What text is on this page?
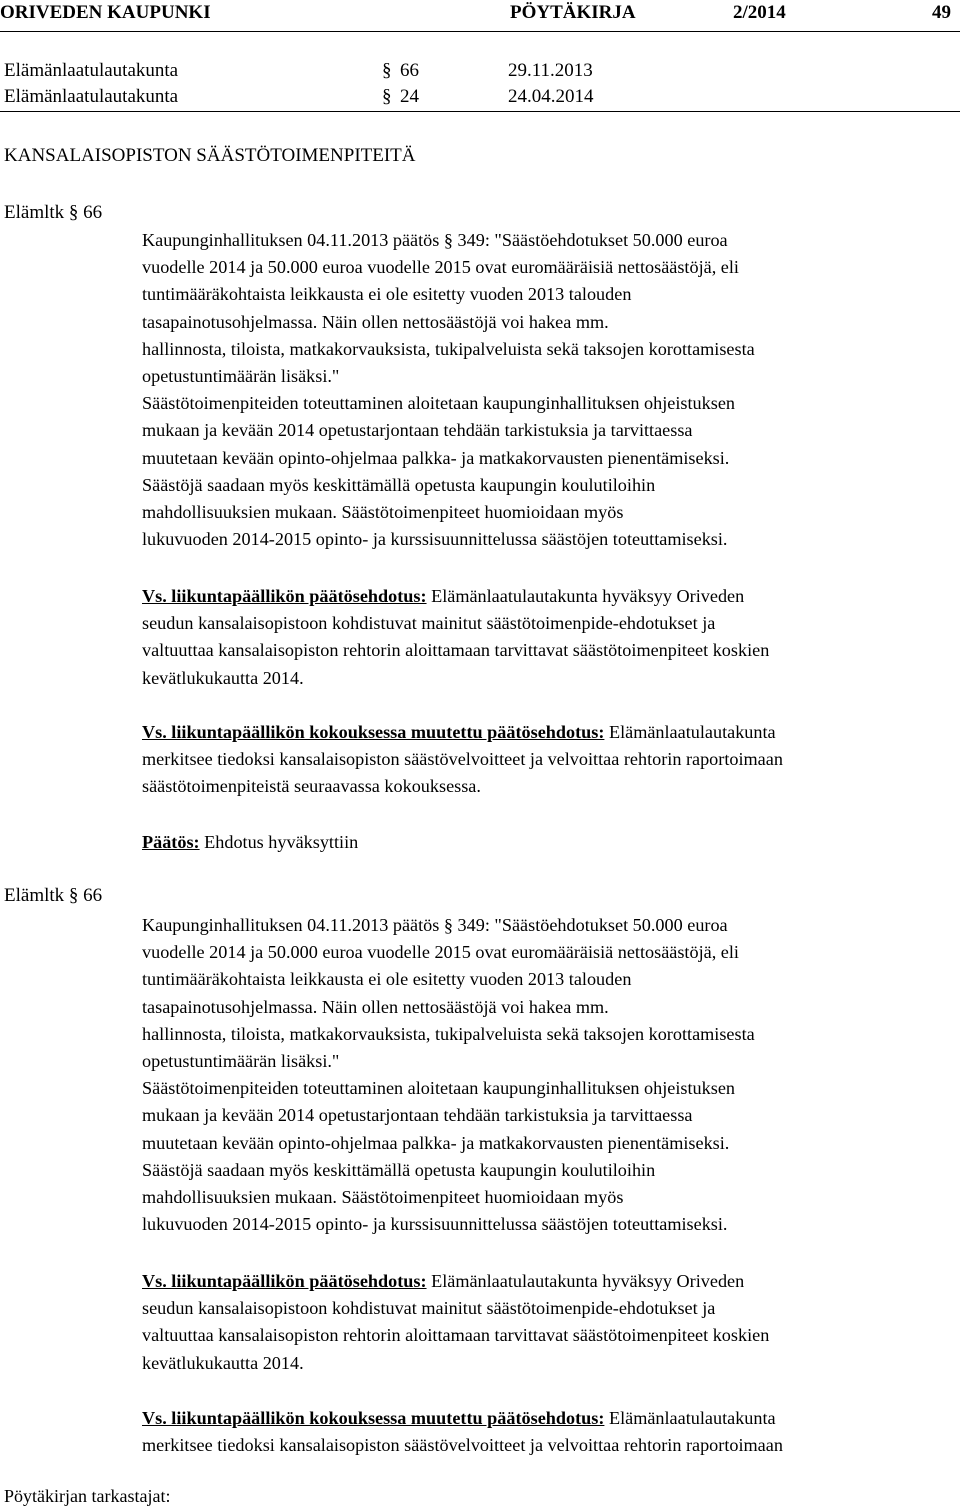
ORIVEDEN KAUPUNKI	PÖYTÄKIRJA	2/2014	49
Elämänlaatulautakunta	§ 66	29.11.2013
Elämänlaatulautakunta	§ 24	24.04.2014
KANSALAISOPISTON SÄÄSTÖTOIMENPITEITÄ
Elämltk § 66
Kaupunginhallituksen 04.11.2013 päätös § 349: "Säästöehdotukset 50.000 euroa
vuodelle 2014 ja 50.000 euroa vuodelle 2015 ovat euromääräisiä nettosäästöjä, eli
tuntimääräkohtaista leikkausta ei ole esitetty vuoden 2013 talouden
tasapainotusohjelmassa. Näin ollen nettosäästöjä voi hakea mm.
hallinnosta, tiloista, matkakorvauksista, tukipalveluista sekä taksojen korottamisesta
opetustuntimäärän lisäksi."
Säästötoimenpiteiden toteuttaminen aloitetaan kaupunginhallituksen ohjeistuksen
mukaan ja kevään 2014 opetustarjontaan tehdään tarkistuksia ja tarvittaessa
muutetaan kevään opinto-ohjelmaa palkka- ja matkakorvausten pienentämiseksi.
Säästöjä saadaan myös keskittämällä opetusta kaupungin koulutiloihin
mahdollisuuksien mukaan. Säästötoimenpiteet huomioidaan myös
lukuvuoden 2014-2015 opinto- ja kurssisuunnittelussa säästöjen toteuttamiseksi.
Vs. liikuntapäällikön päätösehdotus: Elämänlaatulautakunta hyväksyy Oriveden
seudun kansalaisopistoon kohdistuvat mainitut säästötoimenpide-ehdotukset ja
valtuuttaa kansalaisopiston rehtorin aloittamaan tarvittavat säästötoimenpiteet koskien
kevätlukukautta 2014.
Vs. liikuntapäällikön kokouksessa muutettu päätösehdotus: Elämänlaatulautakunta
merkitsee tiedoksi kansalaisopiston säästövelvoitteet ja velvoittaa rehtorin raportoimaan
säästötoimenpiteistä seuraavassa kokouksessa.
Päätös: Ehdotus hyväksyttiin
Elämltk § 66
Kaupunginhallituksen 04.11.2013 päätös § 349: "Säästöehdotukset 50.000 euroa
vuodelle 2014 ja 50.000 euroa vuodelle 2015 ovat euromääräisiä nettosäästöjä, eli
tuntimääräkohtaista leikkausta ei ole esitetty vuoden 2013 talouden
tasapainotusohjelmassa. Näin ollen nettosäästöjä voi hakea mm.
hallinnosta, tiloista, matkakorvauksista, tukipalveluista sekä taksojen korottamisesta
opetustuntimäärän lisäksi."
Säästötoimenpiteiden toteuttaminen aloitetaan kaupunginhallituksen ohjeistuksen
mukaan ja kevään 2014 opetustarjontaan tehdään tarkistuksia ja tarvittaessa
muutetaan kevään opinto-ohjelmaa palkka- ja matkakorvausten pienentämiseksi.
Säästöjä saadaan myös keskittämällä opetusta kaupungin koulutiloihin
mahdollisuuksien mukaan. Säästötoimenpiteet huomioidaan myös
lukuvuoden 2014-2015 opinto- ja kurssisuunnittelussa säästöjen toteuttamiseksi.
Vs. liikuntapäällikön päätösehdotus: Elämänlaatulautakunta hyväksyy Oriveden
seudun kansalaisopistoon kohdistuvat mainitut säästötoimenpide-ehdotukset ja
valtuuttaa kansalaisopiston rehtorin aloittamaan tarvittavat säästötoimenpiteet koskien
kevätlukukautta 2014.
Vs. liikuntapäällikön kokouksessa muutettu päätösehdotus: Elämänlaatulautakunta
merkitsee tiedoksi kansalaisopiston säästövelvoitteet ja velvoittaa rehtorin raportoimaan
Pöytäkirjan tarkastajat:
